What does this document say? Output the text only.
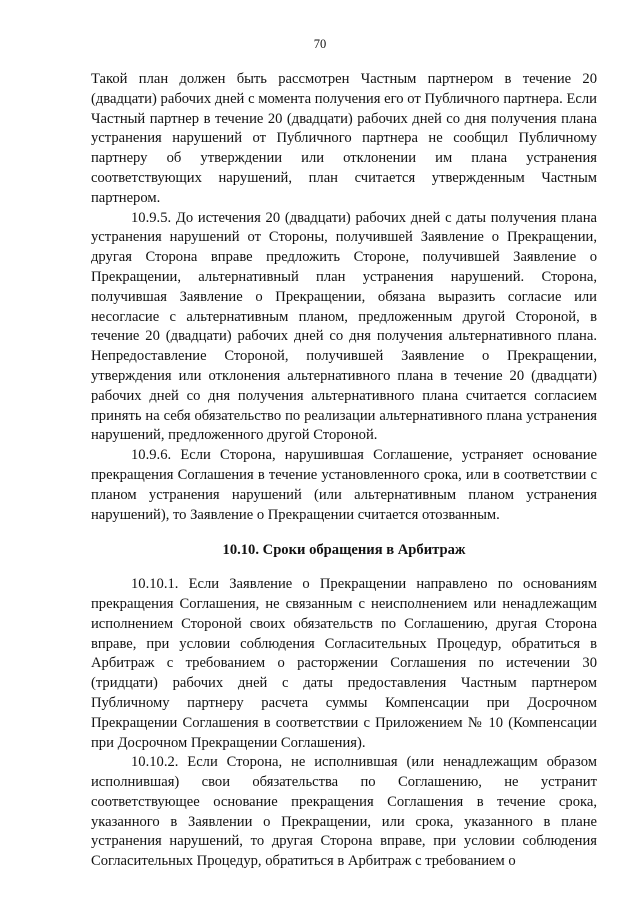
70

Такой план должен быть рассмотрен Частным партнером в течение 20 (двадцати) рабочих дней с момента получения его от Публичного партнера. Если Частный партнер в течение 20 (двадцати) рабочих дней со дня получения плана устранения нарушений от Публичного партнера не сообщил Публичному партнеру об утверждении или отклонении им плана устранения соответствующих нарушений, план считается утвержденным Частным партнером.

10.9.5. До истечения 20 (двадцати) рабочих дней с даты получения плана устранения нарушений от Стороны, получившей Заявление о Прекращении, другая Сторона вправе предложить Стороне, получившей Заявление о Прекращении, альтернативный план устранения нарушений. Сторона, получившая Заявление о Прекращении, обязана выразить согласие или несогласие с альтернативным планом, предложенным другой Стороной, в течение 20 (двадцати) рабочих дней со дня получения альтернативного плана. Непредоставление Стороной, получившей Заявление о Прекращении, утверждения или отклонения альтернативного плана в течение 20 (двадцати) рабочих дней со дня получения альтернативного плана считается согласием принять на себя обязательство по реализации альтернативного плана устранения нарушений, предложенного другой Стороной.

10.9.6. Если Сторона, нарушившая Соглашение, устраняет основание прекращения Соглашения в течение установленного срока, или в соответствии с планом устранения нарушений (или альтернативным планом устранения нарушений), то Заявление о Прекращении считается отозванным.

10.10. Сроки обращения в Арбитраж

10.10.1. Если Заявление о Прекращении направлено по основаниям прекращения Соглашения, не связанным с неисполнением или ненадлежащим исполнением Стороной своих обязательств по Соглашению, другая Сторона вправе, при условии соблюдения Согласительных Процедур, обратиться в Арбитраж с требованием о расторжении Соглашения по истечении 30 (тридцати) рабочих дней с даты предоставления Частным партнером Публичному партнеру расчета суммы Компенсации при Досрочном Прекращении Соглашения в соответствии с Приложением № 10 (Компенсации при Досрочном Прекращении Соглашения).

10.10.2. Если Сторона, не исполнившая (или ненадлежащим образом исполнившая) свои обязательства по Соглашению, не устранит соответствующее основание прекращения Соглашения в течение срока, указанного в Заявлении о Прекращении, или срока, указанного в плане устранения нарушений, то другая Сторона вправе, при условии соблюдения Согласительных Процедур, обратиться в Арбитраж с требованием о
